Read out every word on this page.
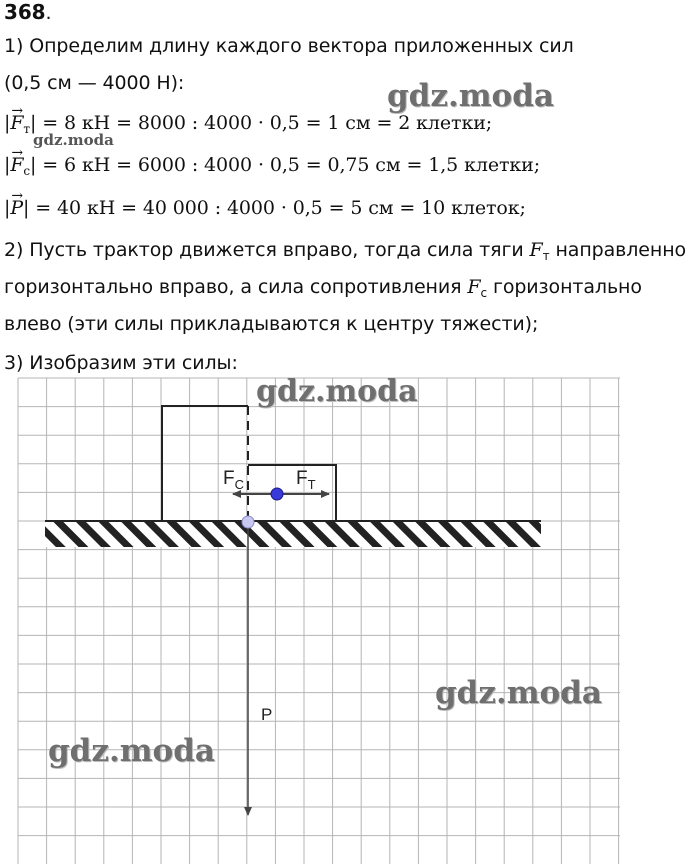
368.
1) Определим длину каждого вектора приложенных сил
(0,5 см — 4000 Н):
|→ $F_т| = 8$ кН = 8000 : 4000 · 0,5 = 1 см = 2 клетки;
|→ $F_с| = 6$ кН = 6000 : 4000 · 0,5 = 0,75 см = 1,5 клетки;
|→ P| = 40 кН = 40 000 : 4000 · 0,5 = 5 см = 10 клеток;
2) Пусть трактор движется вправо, тогда сила тяги $F_т$ направленно
горизонтально вправо, а сила сопротивления $F_с$ горизонтально
влево (эти силы прикладываются к центру тяжести);
3) Изобразим эти силы:
$F_C$	$F_T$
P
gdz.moda
gdz.moda
gdz.moda
gdz.moda
gdz.moda
